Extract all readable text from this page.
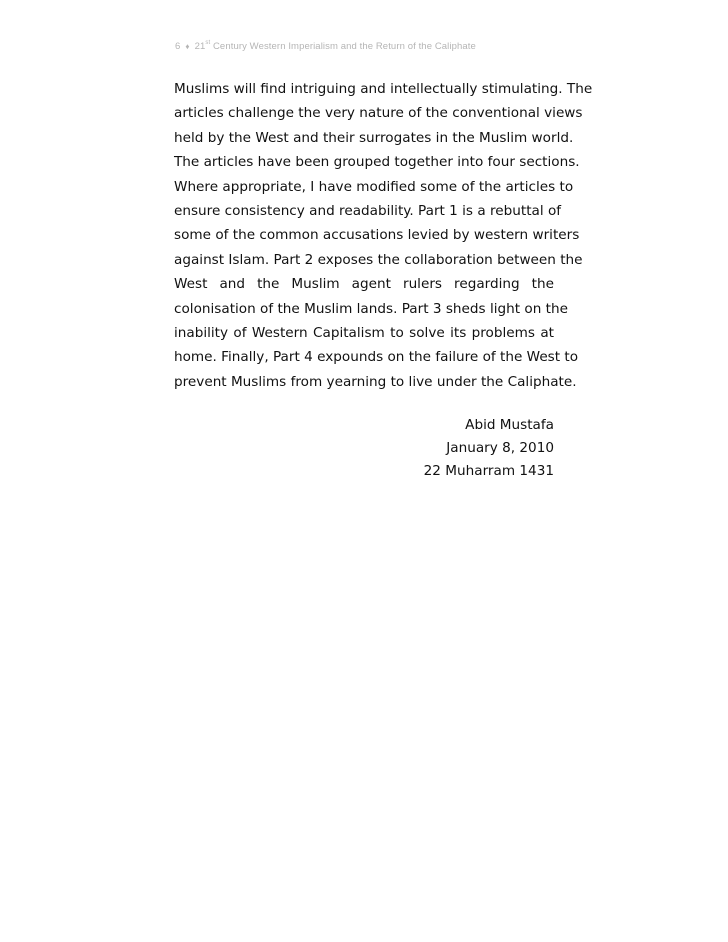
6 ♦ 21st Century Western Imperialism and the Return of the Caliphate
Muslims will find intriguing and intellectually stimulating. The
articles challenge the very nature of the conventional views
held by the West and their surrogates in the Muslim world.
The articles have been grouped together into four sections.
Where appropriate, I have modified some of the articles to
ensure consistency and readability. Part 1 is a rebuttal of
some of the common accusations levied by western writers
against Islam. Part 2 exposes the collaboration between the
West and the Muslim agent rulers regarding the
colonisation of the Muslim lands. Part 3 sheds light on the
inability of Western Capitalism to solve its problems at
home. Finally, Part 4 expounds on the failure of the West to
prevent Muslims from yearning to live under the Caliphate.
Abid Mustafa
January 8, 2010
22 Muharram 1431
